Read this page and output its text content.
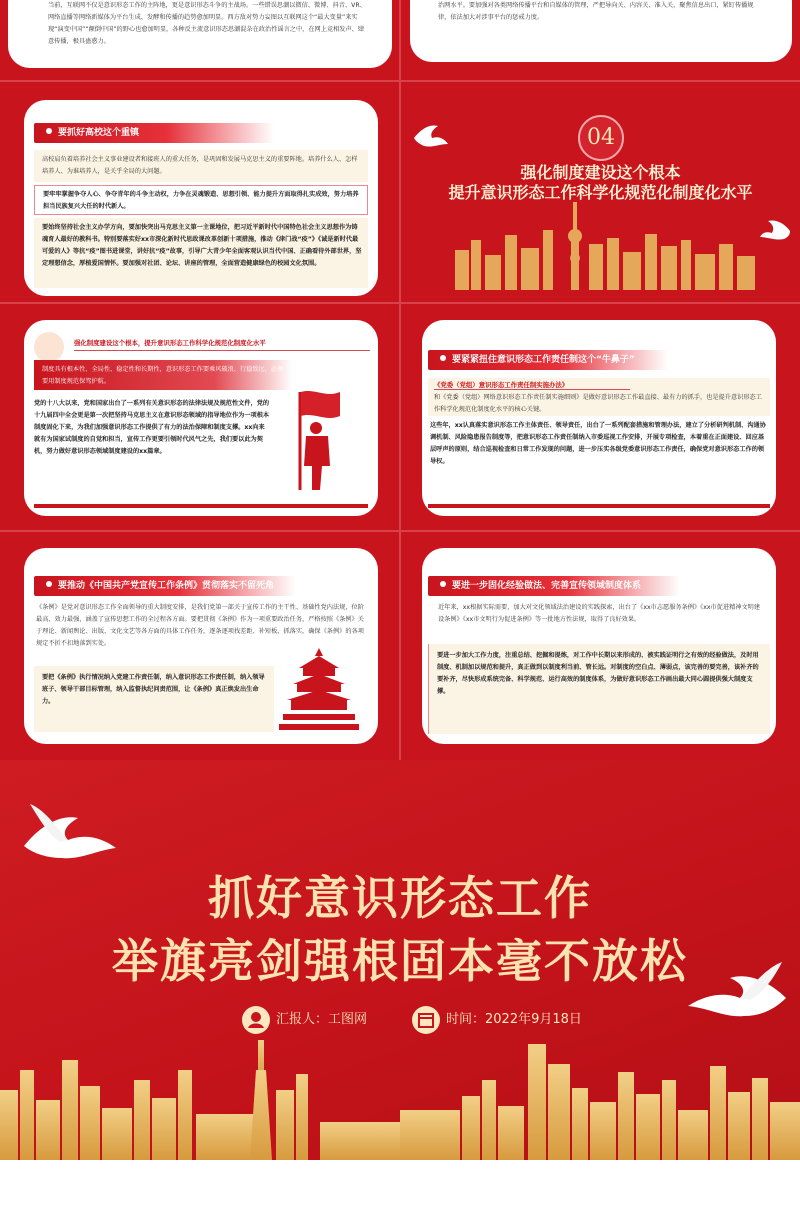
当前，互联网不仅是意识形态工作的主阵地，更是意识形态斗争的主战场。一些错误思潮以微信、微博、抖音、VR、网络直播等网络新媒体为平台生成、发酵和传播的趋势愈加明显。西方敌对势力妄图以互联网这个“最大变量”来实现“演变中国”“颠倒中国”的野心也愈加明显，各种反主流意识形态思潮混杂在政治性谣言之中，在网上竞相发声、肆意传播，极具蛊惑力。
治网水平。要加强对各类网络传播平台和自媒体的管理，严把导向关、内容关、准入关，聚焦信息出口，紧盯传播规律，依法加大对涉事平台的惩戒力度。
要抓好高校这个重镇
高校肩负着培养社会主义事业建设者和接班人的重大任务，是巩固和发展马克思主义的重要阵地。培养什么人、怎样培养人、为谁培养人，是关乎全局的大问题。
要牢牢掌握争夺人心、争夺青年的斗争主动权，力争在灵魂锻造、思想引领、能力提升方面取得扎实成效，努力培养担当民族复兴大任的时代新人。
要始终坚持社会主义办学方向，要加快突出马克思主义第一主课地位，把习近平新时代中国特色社会主义思想作为铸魂育人最好的教科书。特别要落实好xx市深化新时代思政课改革创新十项措施，推动《津门战“疫”》《诚是新时代最可爱的人》等抗“疫”图书进课堂，讲好抗“疫”故事，引导广大青少年全面客观认识当代中国、正确看待外部世界，坚定理想信念，厚植爱国情怀。要加强对社团、论坛、讲座的管理，全面营造健康绿色的校园文化氛围。
04
强化制度建设这个根本
提升意识形态工作科学化规范化制度化水平
强化制度建设这个根本，提升意识形态工作科学化规范化制度化水平
制度具有根本性、全局性、稳定性和长期性，意识形态工作要乘风破浪、行稳致远，必须要用制度规范保驾护航。
党的十八大以来，党和国家出台了一系列有关意识形态的法律法规及规范性文件，党的十九届四中全会更是第一次把坚持马克思主义在意识形态领域的指导地位作为一项根本制度固化下来，为我们加强意识形态工作提供了有力的法治保障和制度支撑。xx向来就有为国家试制度的自觉和担当，宣传工作更要引领时代风气之先，我们要以此为契机，努力做好意识形态领域制度建设的xx篇章。
要紧紧扭住意识形态工作责任制这个“牛鼻子”
《党委（党组）意识形态工作责任制实施办法》
和《党委（党组）网络意识形态工作责任制实施细则》是做好意识形态工作最直接、最有力的抓手，也是提升意识形态工作科学化规范化制度化水平的核心关键。
这些年，xx认真落实意识形态工作主体责任、领导责任，出台了一系列配套措施和管理办法，建立了分析研判机制、沟通协调机制、风险隐患报告制度等，把意识形态工作责任制纳入市委巡视工作安排，开展专项检查，本着重在正面建设、回应基层呼声的原则，结合巡视检查和日常工作发现的问题，进一步压实各级党委意识形态工作责任，确保党对意识形态工作的领导权。
要推动《中国共产党宣传工作条例》贯彻落实不留死角
《条例》是党对意识形态工作全面领导的重大制度安排，是我们党第一部关于宣传工作的主干性、基础性党内法规，位阶最高、效力最强，涵盖了宣传思想工作的全过程各方面。要把贯彻《条例》作为一项重要政治任务，严格按照《条例》关于理论、新闻舆论、出版、文化文艺等各方面的具体工作任务，逐条逐项找差距、补短板、抓落实，确保《条例》的各项规定不折不扣地落到实处。
要把《条例》执行情况纳入党建工作责任制，纳入意识形态工作责任制，纳入领导班子、领导干部目标管理，纳入监督执纪问责范围，让《条例》真正焕发出生命力。
要进一步固化经验做法、完善宣传领域制度体系
近年来，xx根据实际需要，加大对文化领域法治建设的实践探索，出台了《xx市志愿服务条例》《xx市促进精神文明建设条例》《xx市文明行为促进条例》等一批地方性法规，取得了良好效果。
要进一步加大工作力度，注重总结、挖掘和提炼，对工作中长期以来形成的、被实践证明行之有效的经验做法，及时用制度、机制加以规范和提升，真正做到以制度利当前、管长远。对制度的空白点、薄弱点，该完善的要完善，该补齐的要补齐，尽快形成系统完备、科学规范、运行高效的制度体系，为做好意识形态工作画出最大同心圆提供强大制度支撑。
抓好意识形态工作
举旗亮剑强根固本毫不放松
汇报人：工图网	时间：2022年9月18日
